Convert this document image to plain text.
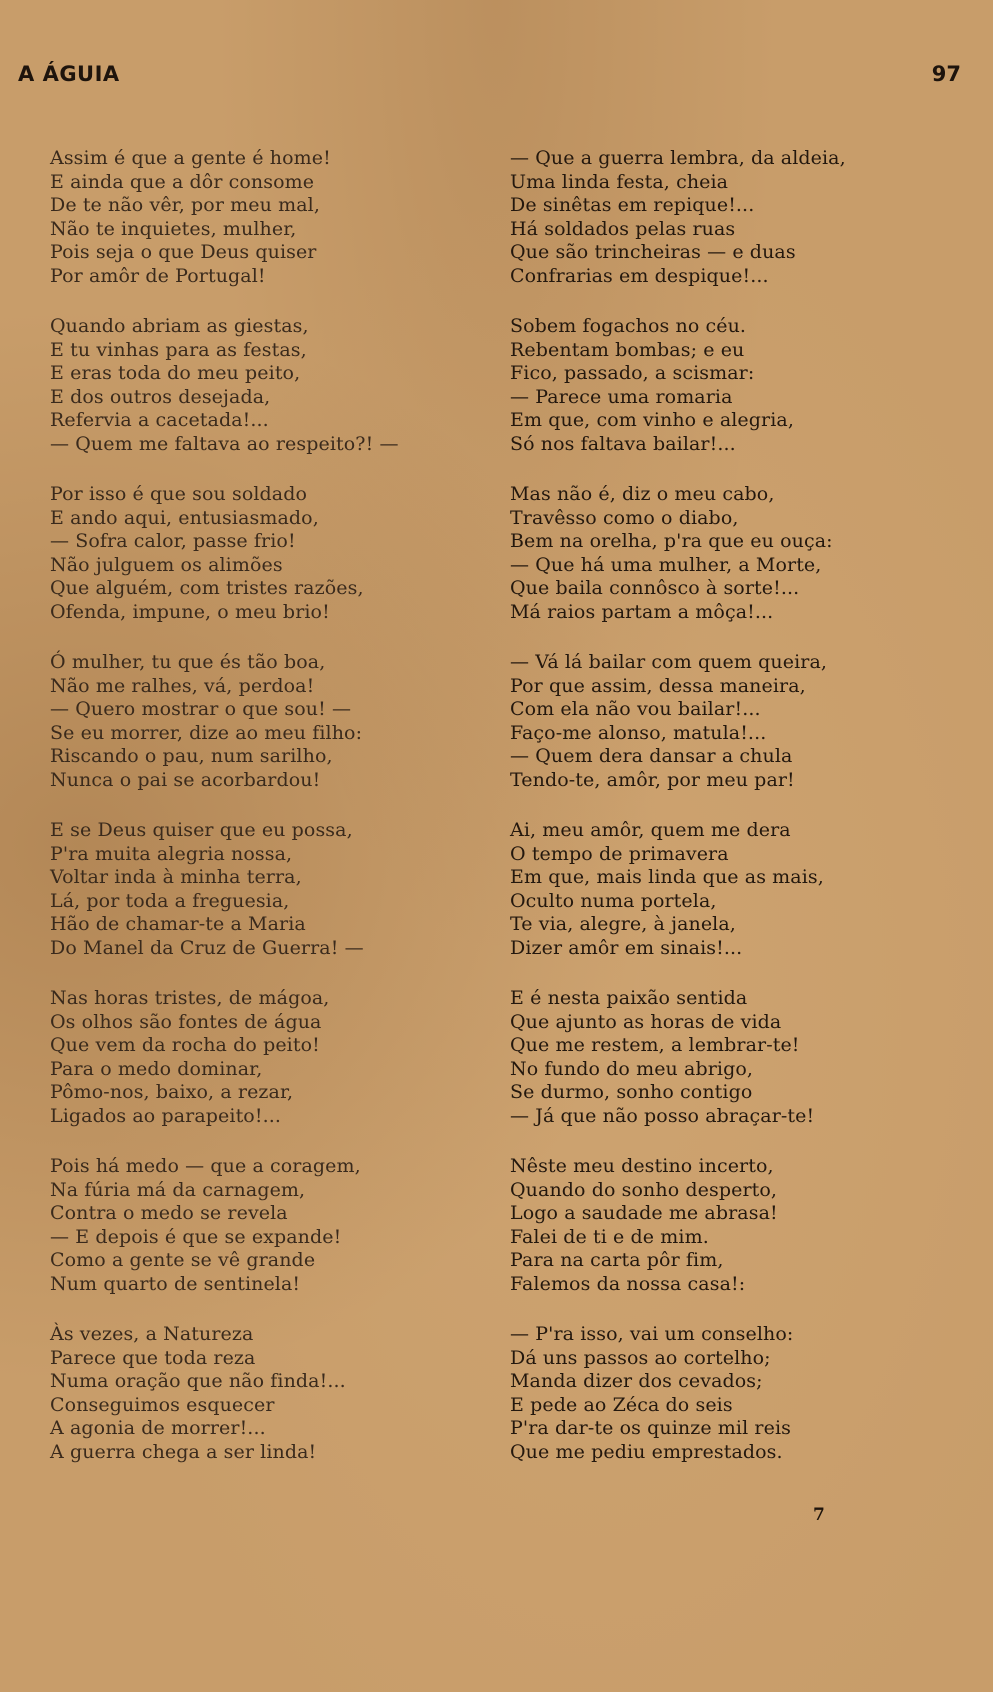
A ÁGUIA	97
Assim é que a gente é home!
E ainda que a dôr consome
De te não vêr, por meu mal,
Não te inquietes, mulher,
Pois seja o que Deus quiser
Por amôr de Portugal!
Quando abriam as giestas,
E tu vinhas para as festas,
E eras toda do meu peito,
E dos outros desejada,
Refervia a cacetada!...
— Quem me faltava ao respeito?! —
Por isso é que sou soldado
E ando aqui, entusiasmado,
— Sofra calor, passe frio!
Não julguem os alimões
Que alguém, com tristes razões,
Ofenda, impune, o meu brio!
Ó mulher, tu que és tão boa,
Não me ralhes, vá, perdoa!
— Quero mostrar o que sou! —
Se eu morrer, dize ao meu filho:
Riscando o pau, num sarilho,
Nunca o pai se acorbardou!
E se Deus quiser que eu possa,
P'ra muita alegria nossa,
Voltar inda à minha terra,
Lá, por toda a freguesia,
Hão de chamar-te a Maria
Do Manel da Cruz de Guerra! —
Nas horas tristes, de mágoa,
Os olhos são fontes de água
Que vem da rocha do peito!
Para o medo dominar,
Pômo-nos, baixo, a rezar,
Ligados ao parapeito!...
Pois há medo — que a coragem,
Na fúria má da carnagem,
Contra o medo se revela
— E depois é que se expande!
Como a gente se vê grande
Num quarto de sentinela!
Às vezes, a Natureza
Parece que toda reza
Numa oração que não finda!...
Conseguimos esquecer
A agonia de morrer!...
A guerra chega a ser linda!
— Que a guerra lembra, da aldeia,
Uma linda festa, cheia
De sinêtas em repique!...
Há soldados pelas ruas
Que são trincheiras — e duas
Confrarias em despique!...
Sobem fogachos no céu.
Rebentam bombas; e eu
Fico, passado, a scismar:
— Parece uma romaria
Em que, com vinho e alegria,
Só nos faltava bailar!...
Mas não é, diz o meu cabo,
Travêsso como o diabo,
Bem na orelha, p'ra que eu ouça:
— Que há uma mulher, a Morte,
Que baila connôsco à sorte!...
Má raios partam a môça!...
— Vá lá bailar com quem queira,
Por que assim, dessa maneira,
Com ela não vou bailar!...
Faço-me alonso, matula!...
— Quem dera dansar a chula
Tendo-te, amôr, por meu par!
Ai, meu amôr, quem me dera
O tempo de primavera
Em que, mais linda que as mais,
Oculto numa portela,
Te via, alegre, à janela,
Dizer amôr em sinais!...
E é nesta paixão sentida
Que ajunto as horas de vida
Que me restem, a lembrar-te!
No fundo do meu abrigo,
Se durmo, sonho contigo
— Já que não posso abraçar-te!
Nêste meu destino incerto,
Quando do sonho desperto,
Logo a saudade me abrasa!
Falei de ti e de mim.
Para na carta pôr fim,
Falemos da nossa casa!:
— P'ra isso, vai um conselho:
Dá uns passos ao cortelho;
Manda dizer dos cevados;
E pede ao Zéca do seis
P'ra dar-te os quinze mil reis
Que me pediu emprestados.
7
